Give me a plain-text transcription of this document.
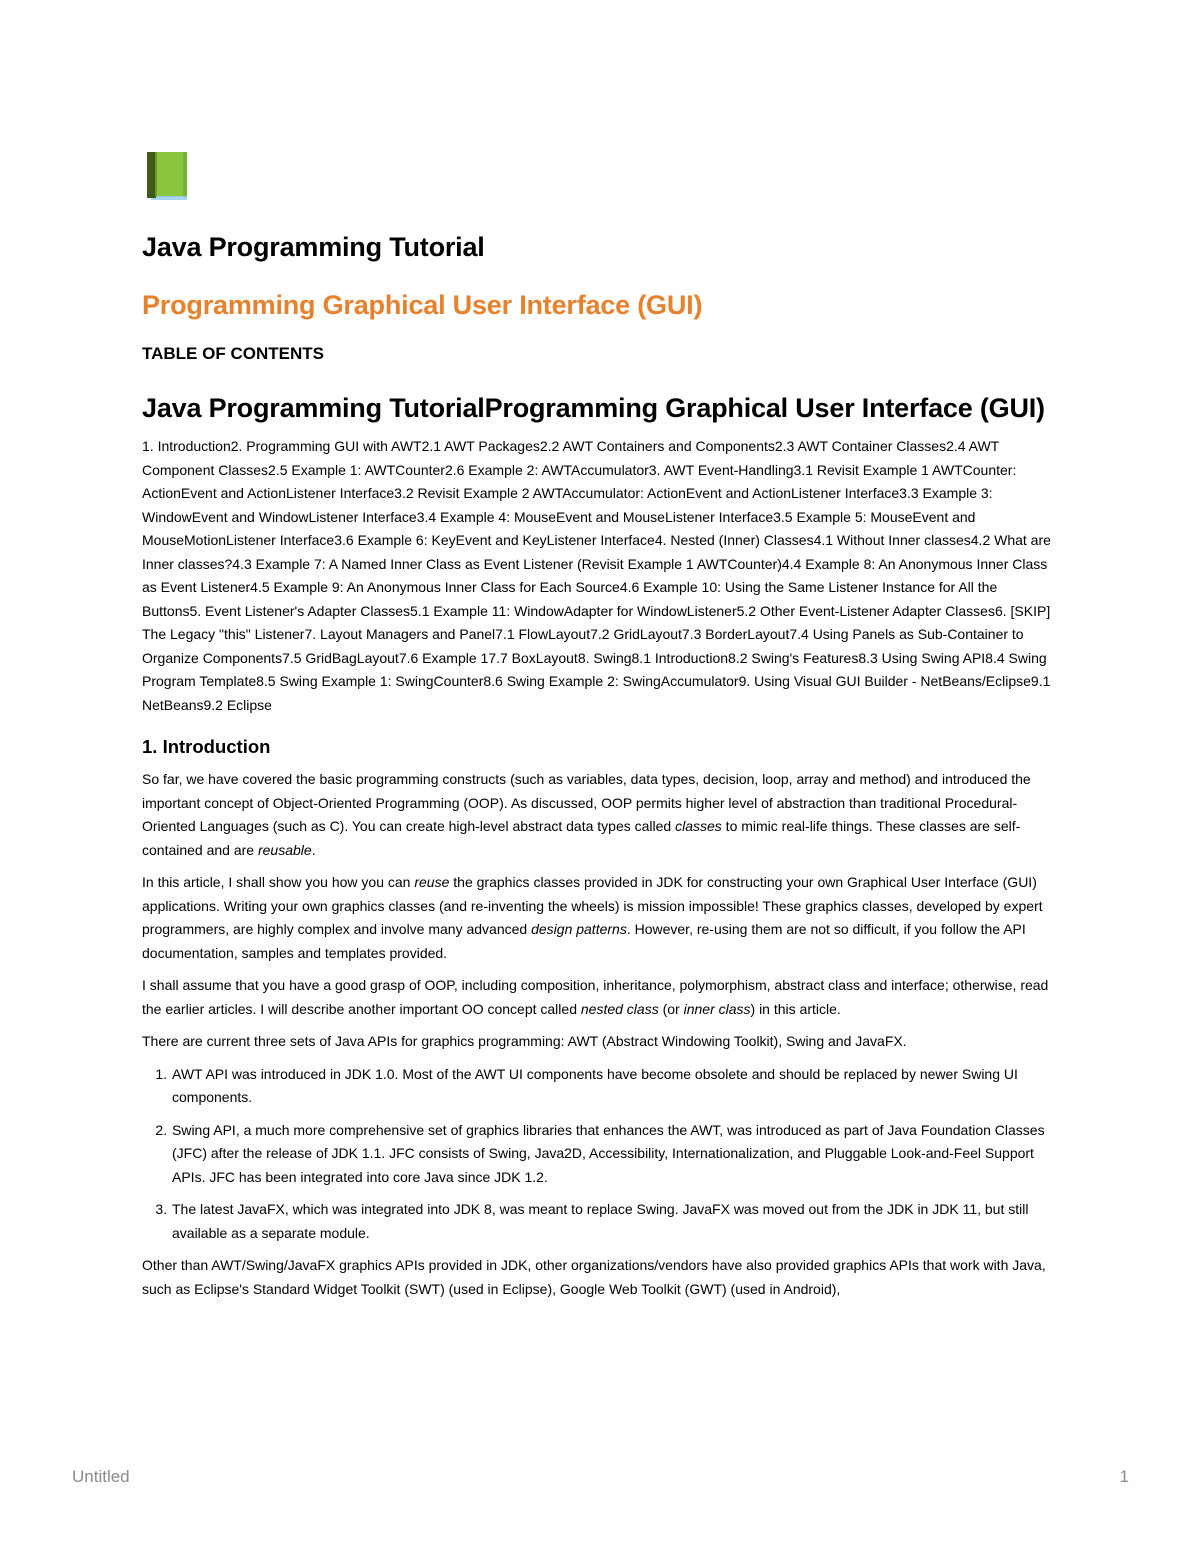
Java Programming Tutorial
Programming Graphical User Interface (GUI)
TABLE OF CONTENTS
Java Programming TutorialProgramming Graphical User Interface (GUI)

1. Introduction2. Programming GUI with AWT2.1 AWT Packages2.2 AWT Containers and Components2.3 AWT Container Classes2.4 AWT Component Classes2.5 Example 1: AWTCounter2.6 Example 2: AWTAccumulator3. AWT Event-Handling3.1 Revisit Example 1 AWTCounter: ActionEvent and ActionListener Interface3.2 Revisit Example 2 AWTAccumulator: ActionEvent and ActionListener Interface3.3 Example 3: WindowEvent and WindowListener Interface3.4 Example 4: MouseEvent and MouseListener Interface3.5 Example 5: MouseEvent and MouseMotionListener Interface3.6 Example 6: KeyEvent and KeyListener Interface4. Nested (Inner) Classes4.1 Without Inner classes4.2 What are Inner classes?4.3 Example 7: A Named Inner Class as Event Listener (Revisit Example 1 AWTCounter)4.4 Example 8: An Anonymous Inner Class as Event Listener4.5 Example 9: An Anonymous Inner Class for Each Source4.6 Example 10: Using the Same Listener Instance for All the Buttons5. Event Listener's Adapter Classes5.1 Example 11: WindowAdapter for WindowListener5.2 Other Event-Listener Adapter Classes6. [SKIP] The Legacy "this" Listener7. Layout Managers and Panel7.1 FlowLayout7.2 GridLayout7.3 BorderLayout7.4 Using Panels as Sub-Container to Organize Components7.5 GridBagLayout7.6 Example 17.7 BoxLayout8. Swing8.1 Introduction8.2 Swing's Features8.3 Using Swing API8.4 Swing Program Template8.5 Swing Example 1: SwingCounter8.6 Swing Example 2: SwingAccumulator9. Using Visual GUI Builder - NetBeans/Eclipse9.1 NetBeans9.2 Eclipse

1. Introduction

So far, we have covered the basic programming constructs (such as variables, data types, decision, loop, array and method) and introduced the important concept of Object-Oriented Programming (OOP). As discussed, OOP permits higher level of abstraction than traditional Procedural-Oriented Languages (such as C). You can create high-level abstract data types called classes to mimic real-life things. These classes are self-contained and are reusable.

In this article, I shall show you how you can reuse the graphics classes provided in JDK for constructing your own Graphical User Interface (GUI) applications. Writing your own graphics classes (and re-inventing the wheels) is mission impossible! These graphics classes, developed by expert programmers, are highly complex and involve many advanced design patterns. However, re-using them are not so difficult, if you follow the API documentation, samples and templates provided.

I shall assume that you have a good grasp of OOP, including composition, inheritance, polymorphism, abstract class and interface; otherwise, read the earlier articles. I will describe another important OO concept called nested class (or inner class) in this article.

There are current three sets of Java APIs for graphics programming: AWT (Abstract Windowing Toolkit), Swing and JavaFX.

1. AWT API was introduced in JDK 1.0. Most of the AWT UI components have become obsolete and should be replaced by newer Swing UI components.
2. Swing API, a much more comprehensive set of graphics libraries that enhances the AWT, was introduced as part of Java Foundation Classes (JFC) after the release of JDK 1.1. JFC consists of Swing, Java2D, Accessibility, Internationalization, and Pluggable Look-and-Feel Support APIs. JFC has been integrated into core Java since JDK 1.2.
3. The latest JavaFX, which was integrated into JDK 8, was meant to replace Swing. JavaFX was moved out from the JDK in JDK 11, but still available as a separate module.

Other than AWT/Swing/JavaFX graphics APIs provided in JDK, other organizations/vendors have also provided graphics APIs that work with Java, such as Eclipse's Standard Widget Toolkit (SWT) (used in Eclipse), Google Web Toolkit (GWT) (used in Android),

Untitled	1
